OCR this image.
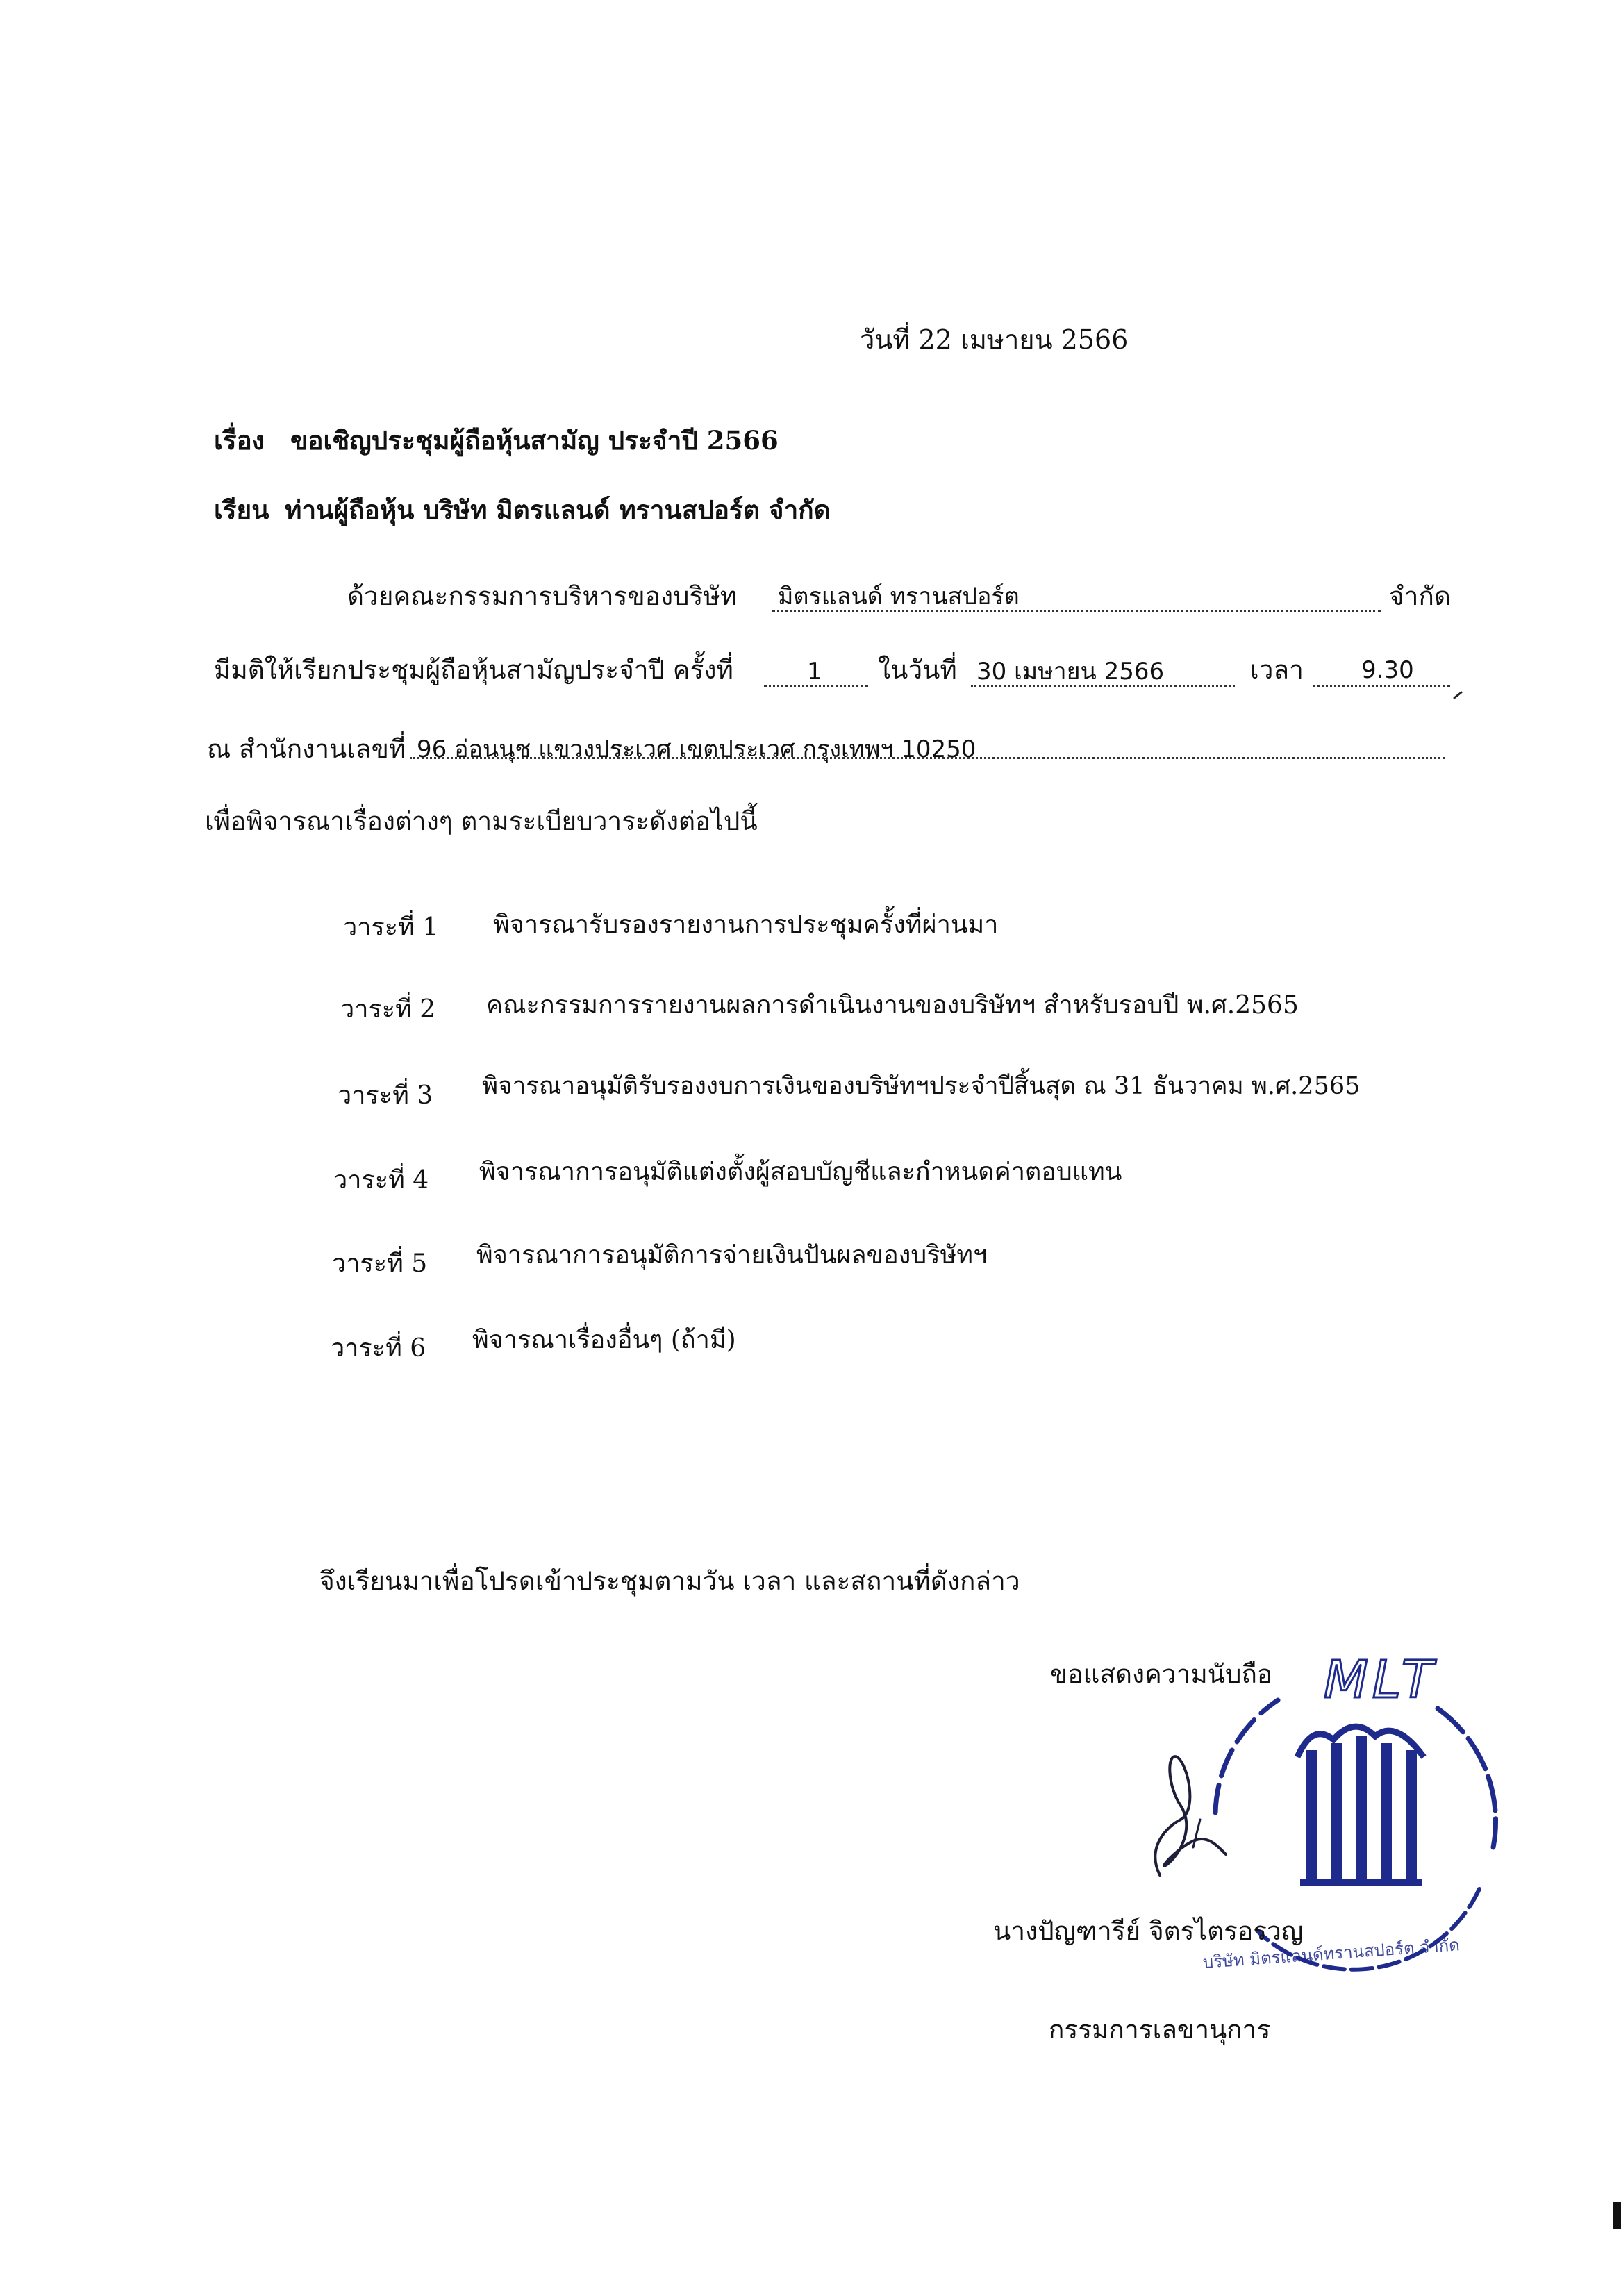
วันที่ 22 เมษายน 2566
เรื่อง ขอเชิญประชุมผู้ถือหุ้นสามัญ ประจำปี 2566
เรียน ท่านผู้ถือหุ้น บริษัท มิตรแลนด์ ทรานสปอร์ต จำกัด
ด้วยคณะกรรมการบริหารของบริษัท มิตรแลนด์ ทรานสปอร์ต	จำกัด
มีมติให้เรียกประชุมผู้ถือหุ้นสามัญประจำปี ครั้งที่	1 ในวันที่ 30 เมษายน 2566	เวลา 9.30
ณ สำนักงานเลขที่ 96 อ่อนนุช แขวงประเวศ เขตประเวศ กรุงเทพฯ 10250
เพื่อพิจารณาเรื่องต่างๆ ตามระเบียบวาระดังต่อไปนี้
วาระที่ 1 พิจารณารับรองรายงานการประชุมครั้งที่ผ่านมา
วาระที่ 2 คณะกรรมการรายงานผลการดำเนินงานของบริษัทฯ สำหรับรอบปี พ.ศ.2565
วาระที่ 3 พิจารณาอนุมัติรับรองงบการเงินของบริษัทฯประจำปีสิ้นสุด ณ 31 ธันวาคม พ.ศ.2565
วาระที่ 4 พิจารณาการอนุมัติแต่งตั้งผู้สอบบัญชีและกำหนดค่าตอบแทน
วาระที่ 5 พิจารณาการอนุมัติการจ่ายเงินปันผลของบริษัทฯ
วาระที่ 6 พิจารณาเรื่องอื่นๆ (ถ้ามี)
จึงเรียนมาเพื่อโปรดเข้าประชุมตามวัน เวลา และสถานที่ดังกล่าว
ขอแสดงความนับถือ MLT
บริษัท มิตรแลนด์ทรานสปอร์ต จำกัด
นางปัญฑารีย์ จิตรไตรอรวญ
กรรมการเลขานุการ
